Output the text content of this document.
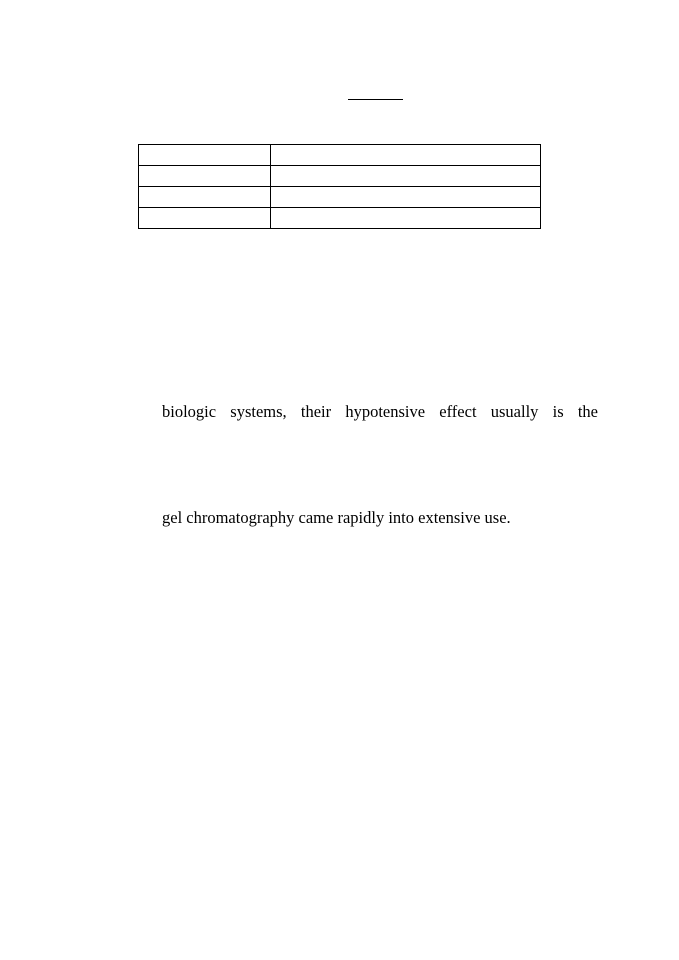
biologic systems, their hypotensive effect usually is the
gel chromatography came rapidly into extensive use.
